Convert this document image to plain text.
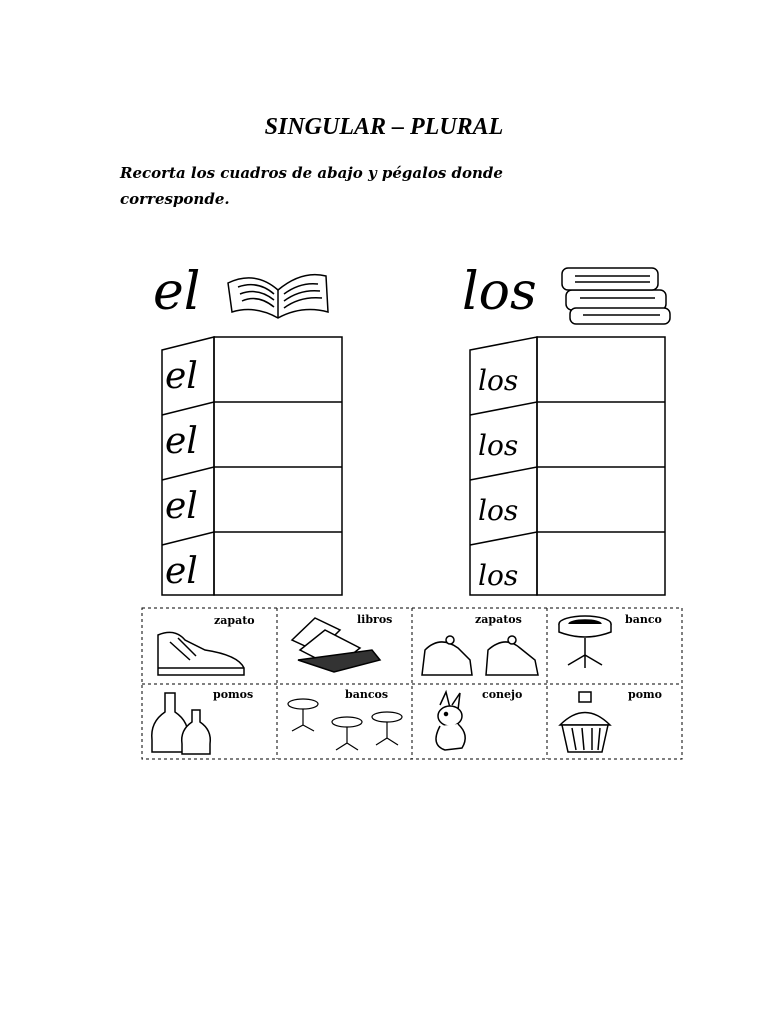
SINGULAR – PLURAL
Recorta los cuadros de abajo y pégalos donde
corresponde.
el	los
el
el
el
el
los
los
los
los
zapato	libros	zapatos	banco
pomos	bancos	conejo	pomo
